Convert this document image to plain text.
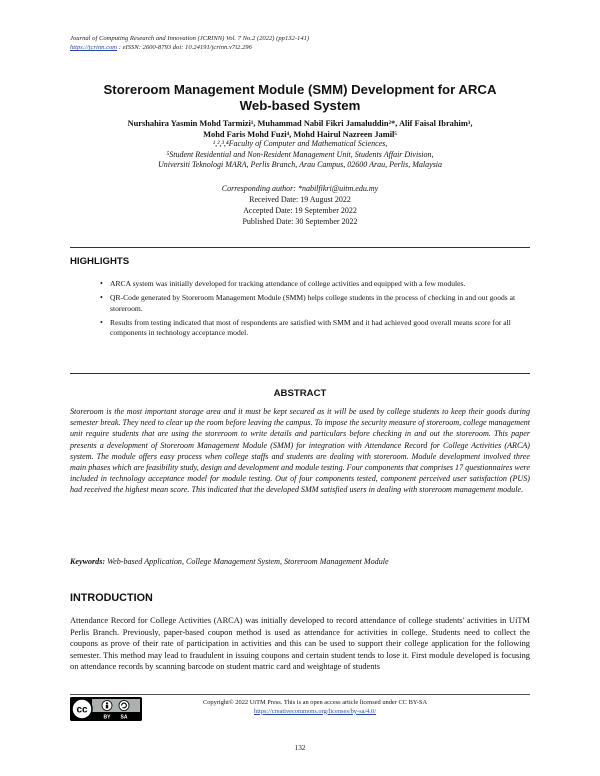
Journal of Computing Research and Innovation (JCRINN) Vol. 7 No.2 (2022) (pp132-141)
https://jcrinn.com : eISSN: 2600-8793 doi: 10.24191/jcrinn.v7i2.296
Storeroom Management Module (SMM) Development for ARCA
Web-based System
Nurshahira Yasmin Mohd Tarmizi¹, Muhammad Nabil Fikri Jamaluddin²*, Alif Faisal Ibrahim³,
Mohd Faris Mohd Fuzi⁴, Mohd Hairul Nazreen Jamil⁵
¹,²,³,⁴Faculty of Computer and Mathematical Sciences,
⁵Student Residential and Non-Resident Management Unit, Students Affair Division,
Universiti Teknologi MARA, Perlis Branch, Arau Campus, 02600 Arau, Perlis, Malaysia
Corresponding author: *nabilfikri@uitm.edu.my
Received Date: 19 August 2022
Accepted Date: 19 September 2022
Published Date: 30 September 2022
HIGHLIGHTS
• ARCA system was initially developed for tracking attendance of college activities and equipped with a few modules.
• QR-Code generated by Storeroom Management Module (SMM) helps college students in the process of checking in and out goods at storeroom.
• Results from testing indicated that most of respondents are satisfied with SMM and it had achieved good overall means score for all components in technology acceptance model.
ABSTRACT

Storeroom is the most important storage area and it must be kept secured as it will be used by college students to keep their goods during semester break. They need to clear up the room before leaving the campus. To impose the security measure of storeroom, college management unit require students that are using the storeroom to write details and particulars before checking in and out the storeroom. This paper presents a development of Storeroom Management Module (SMM) for integration with Attendance Record for College Activities (ARCA) system. The module offers easy process when college staffs and students are dealing with storeroom. Module development involved three main phases which are feasibility study, design and development and module testing. Four components that comprises 17 questionnaires were included in technology acceptance model for module testing. Out of four components tested, component perceived user satisfaction (PUS) had received the highest mean score. This indicated that the developed SMM satisfied users in dealing with storeroom management module.

Keywords: Web-based Application, College Management System, Storeroom Management Module
INTRODUCTION

Attendance Record for College Activities (ARCA) was initially developed to record attendance of college students' activities in UiTM Perlis Branch. Previously, paper-based coupon method is used as attendance for activities in college. Students need to collect the coupons as prove of their rate of participation in activities and this can be used to support their college application for the following semester. This method may lead to fraudulent in issuing coupons and certain student tends to lose it. First module developed is focusing on attendance records by scanning barcode on student matric card and weightage of students

cc
BY SA
Copyright© 2022 UiTM Press. This is an open access article licensed under CC BY-SA
https://creativecommons.org/licenses/by-sa/4.0/
132
